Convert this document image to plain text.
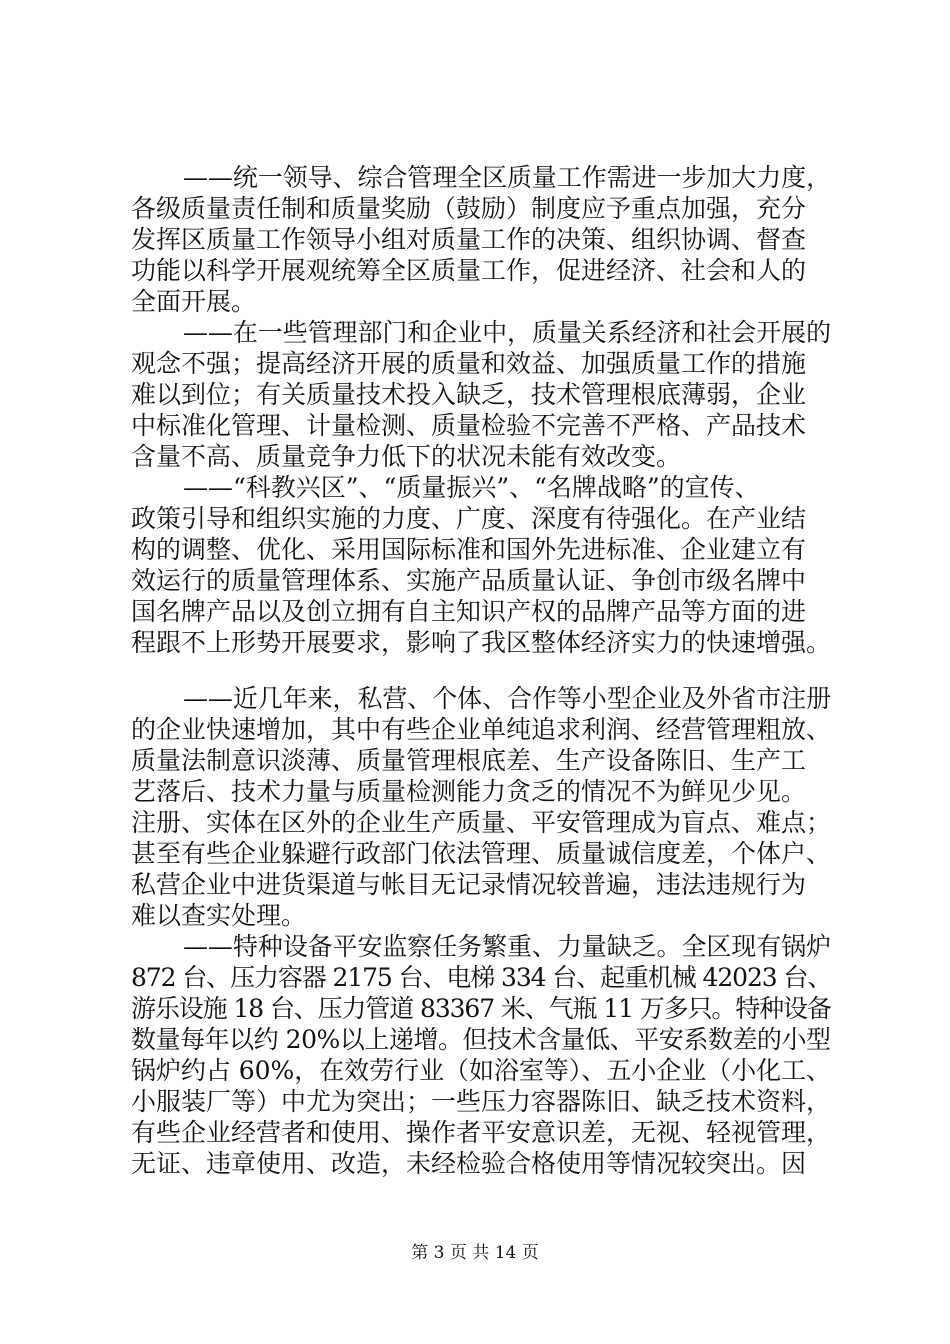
——统一领导、综合管理全区质量工作需进一步加大力度，
各级质量责任制和质量奖励（鼓励）制度应予重点加强，充分
发挥区质量工作领导小组对质量工作的决策、组织协调、督查
功能以科学开展观统筹全区质量工作，促进经济、社会和人的
全面开展。
——在一些管理部门和企业中，质量关系经济和社会开展的
观念不强；提高经济开展的质量和效益、加强质量工作的措施
难以到位；有关质量技术投入缺乏，技术管理根底薄弱，企业
中标准化管理、计量检测、质量检验不完善不严格、产品技术
含量不高、质量竞争力低下的状况未能有效改变。
——“科教兴区”、“质量振兴”、“名牌战略”的宣传、
政策引导和组织实施的力度、广度、深度有待强化。在产业结
构的调整、优化、采用国际标准和国外先进标准、企业建立有
效运行的质量管理体系、实施产品质量认证、争创市级名牌中
国名牌产品以及创立拥有自主知识产权的品牌产品等方面的进
程跟不上形势开展要求，影响了我区整体经济实力的快速增强。
——近几年来，私营、个体、合作等小型企业及外省市注册
的企业快速增加，其中有些企业单纯追求利润、经营管理粗放、
质量法制意识淡薄、质量管理根底差、生产设备陈旧、生产工
艺落后、技术力量与质量检测能力贪乏的情况不为鲜见少见。
注册、实体在区外的企业生产质量、平安管理成为盲点、难点；
甚至有些企业躲避行政部门依法管理、质量诚信度差，个体户、
私营企业中进货渠道与帐目无记录情况较普遍，违法违规行为
难以查实处理。
——特种设备平安监察任务繁重、力量缺乏。全区现有锅炉
872 台、压力容器 2175 台、电梯 334 台、起重机械 42023 台、
游乐设施 18 台、压力管道 83367 米、气瓶 11 万多只。特种设备
数量每年以约 20%以上递增。但技术含量低、平安系数差的小型
锅炉约占 60%，在效劳行业（如浴室等）、五小企业（小化工、
小服装厂等）中尤为突出；一些压力容器陈旧、缺乏技术资料，
有些企业经营者和使用、操作者平安意识差，无视、轻视管理，
无证、违章使用、改造，未经检验合格使用等情况较突出。因
第 3 页 共 14 页
